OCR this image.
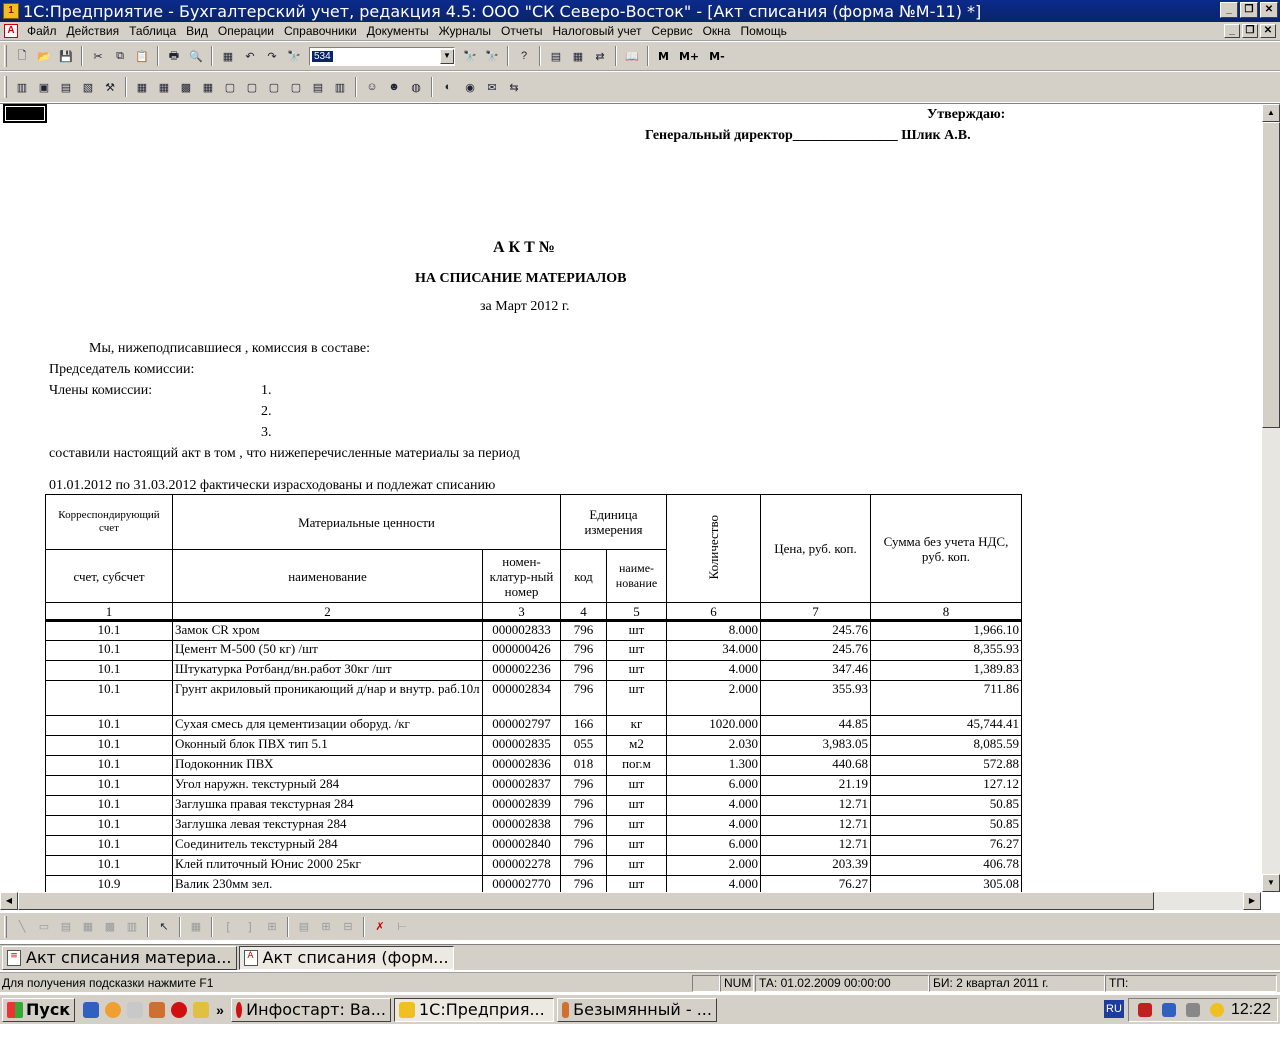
1 1С:Предприятие - Бухгалтерский учет, редакция 4.5: ООО "СК Северо-Восток" - [Акт списания (форма №М-11) *]	_	❐	✕
A	Файл Действия Таблица Вид Операции Справочники Документы Журналы Отчеты Налоговый учет Сервис Окна Помощь	_	❐ ✕
🗋 📂 💾	✂	⧉	📋 🖶 🔍 ▦	↶	↷ 🔭 534	▼ 🔭 🔭	?	▤ ▦	⇄	📖 M M+ M-
▥ ▣ ▤ ▧ ⚒ ▦ ▦ ▩ ▦ ▢ ▢ ▢ ▢ ▤ ▥ ☺ ☻ ◍	◐	◉	✉	⇆
Утверждаю:
Генеральный директор_______________ Шлик А.В.
А К Т №
НА СПИСАНИЕ МАТЕРИАЛОВ
за Март 2012 г.
Мы, нижеподписавшиеся , комиссия в составе:
Председатель комиссии:
Члены комиссии:	1.
2.
3.
составили настоящий акт в том , что нижеперечисленные материалы за период
01.01.2012 по 31.03.2012 фактически израсходованы и подлежат списанию
Корреспондирующий счет	Материальные ценности		Единица измерения		Количество	Цена, руб. коп.	Сумма без учета НДС, руб. коп.
счет, субсчет	наименование	номен-клатур-ный номер	код	наиме-нование			
1	2	3	4	5	6	7	8
10.1	Замок CR хром	000002833	796	шт	8.000	245.76	1,966.10
10.1	Цемент М-500 (50 кг) /шт	000000426	796	шт	34.000	245.76	8,355.93
10.1	Штукатурка Ротбанд/вн.работ 30кг /шт	000002236	796	шт	4.000	347.46	1,389.83
10.1	Грунт акриловый проникающий д/нар и внутр. раб.10л	000002834	796	шт	2.000	355.93	711.86
10.1	Сухая смесь для цементизации оборуд. /кг	000002797	166	кг	1020.000	44.85	45,744.41
10.1	Оконный блок ПВХ тип 5.1	000002835	055	м2	2.030	3,983.05	8,085.59
10.1	Подоконник ПВХ	000002836	018	пог.м	1.300	440.68	572.88
10.1	Угол наружн. текстурный 284	000002837	796	шт	6.000	21.19	127.12
10.1	Заглушка правая текстурная 284	000002839	796	шт	4.000	12.71	50.85
10.1	Заглушка левая текстурная 284	000002838	796	шт	4.000	12.71	50.85
10.1	Соединитель текстурный 284	000002840	796	шт	6.000	12.71	76.27
10.1	Клей плиточный Юнис 2000 25кг	000002278	796	шт	2.000	203.39	406.78
10.9	Валик 230мм зел.	000002770	796	шт	4.000	76.27	305.08
▲
▼
◀	▶
╲	▭ ▤ ▦ ▩ ▥	↖	▦	[	]	⊞	▤	⊞	⊟	✗	⊢
≡ Акт списания материа...	A Акт списания (форм...
Для получения подсказки нажмите F1	NUM ТА: 01.02.2009 00:00:00	БИ: 2 квартал 2011 г.	ТП:
Пуск	» Инфостарт: Ва... 1С:Предприя... Безымянный - ...	RU	12:22
